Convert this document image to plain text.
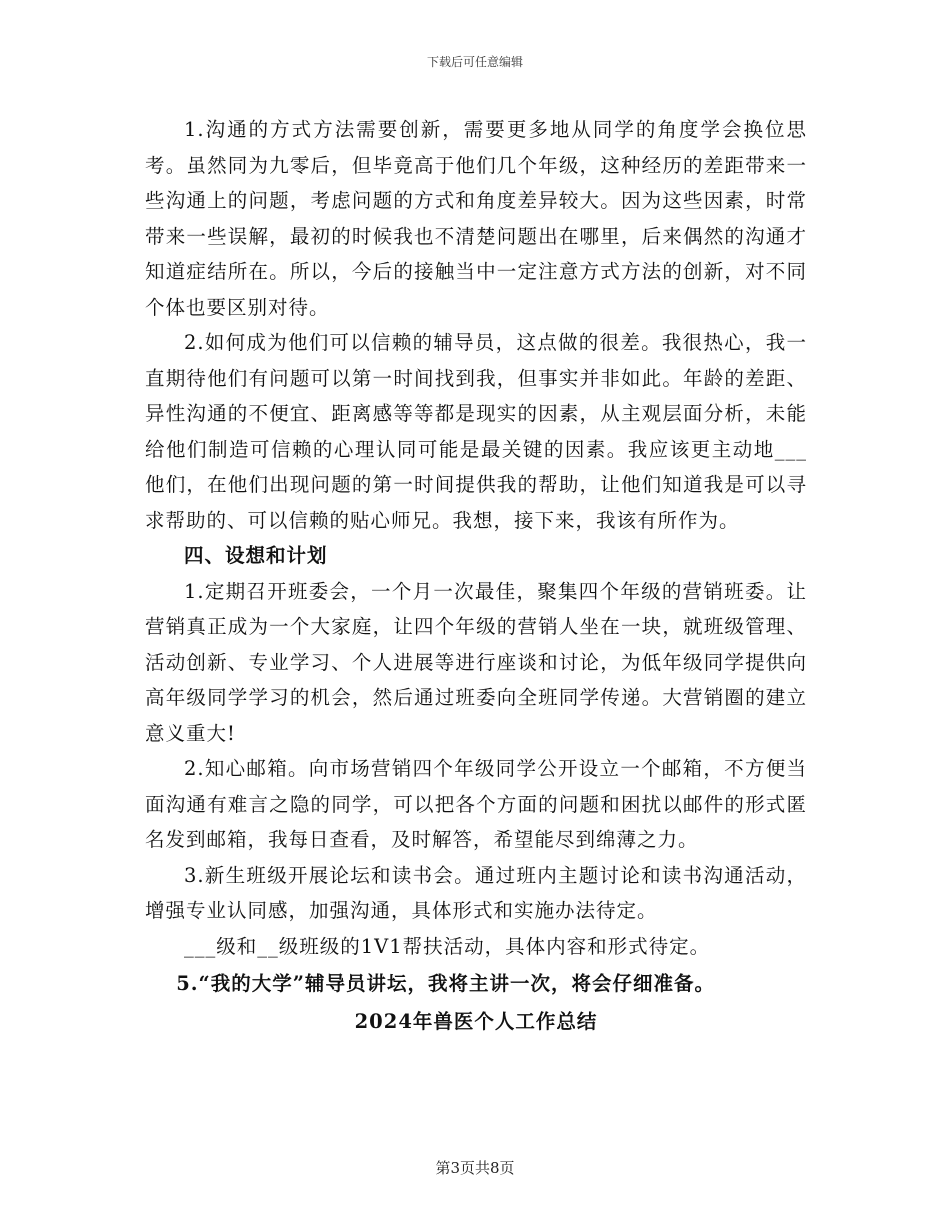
下载后可任意编辑

1.沟通的方式方法需要创新，需要更多地从同学的角度学会换位思考。虽然同为九零后，但毕竟高于他们几个年级，这种经历的差距带来一些沟通上的问题，考虑问题的方式和角度差异较大。因为这些因素，时常带来一些误解，最初的时候我也不清楚问题出在哪里，后来偶然的沟通才知道症结所在。所以，今后的接触当中一定注意方式方法的创新，对不同个体也要区别对待。

2.如何成为他们可以信赖的辅导员，这点做的很差。我很热心，我一直期待他们有问题可以第一时间找到我，但事实并非如此。年龄的差距、异性沟通的不便宜、距离感等等都是现实的因素，从主观层面分析，未能给他们制造可信赖的心理认同可能是最关键的因素。我应该更主动地___他们，在他们出现问题的第一时间提供我的帮助，让他们知道我是可以寻求帮助的、可以信赖的贴心师兄。我想，接下来，我该有所作为。

四、设想和计划

1.定期召开班委会，一个月一次最佳，聚集四个年级的营销班委。让营销真正成为一个大家庭，让四个年级的营销人坐在一块，就班级管理、活动创新、专业学习、个人进展等进行座谈和讨论，为低年级同学提供向高年级同学学习的机会，然后通过班委向全班同学传递。大营销圈的建立意义重大!

2.知心邮箱。向市场营销四个年级同学公开设立一个邮箱，不方便当面沟通有难言之隐的同学，可以把各个方面的问题和困扰以邮件的形式匿名发到邮箱，我每日查看，及时解答，希望能尽到绵薄之力。

3.新生班级开展论坛和读书会。通过班内主题讨论和读书沟通活动，增强专业认同感，加强沟通，具体形式和实施办法待定。

___级和__级班级的1V1帮扶活动，具体内容和形式待定。

5.“我的大学”辅导员讲坛，我将主讲一次，将会仔细准备。

2024年兽医个人工作总结

第3页共8页
